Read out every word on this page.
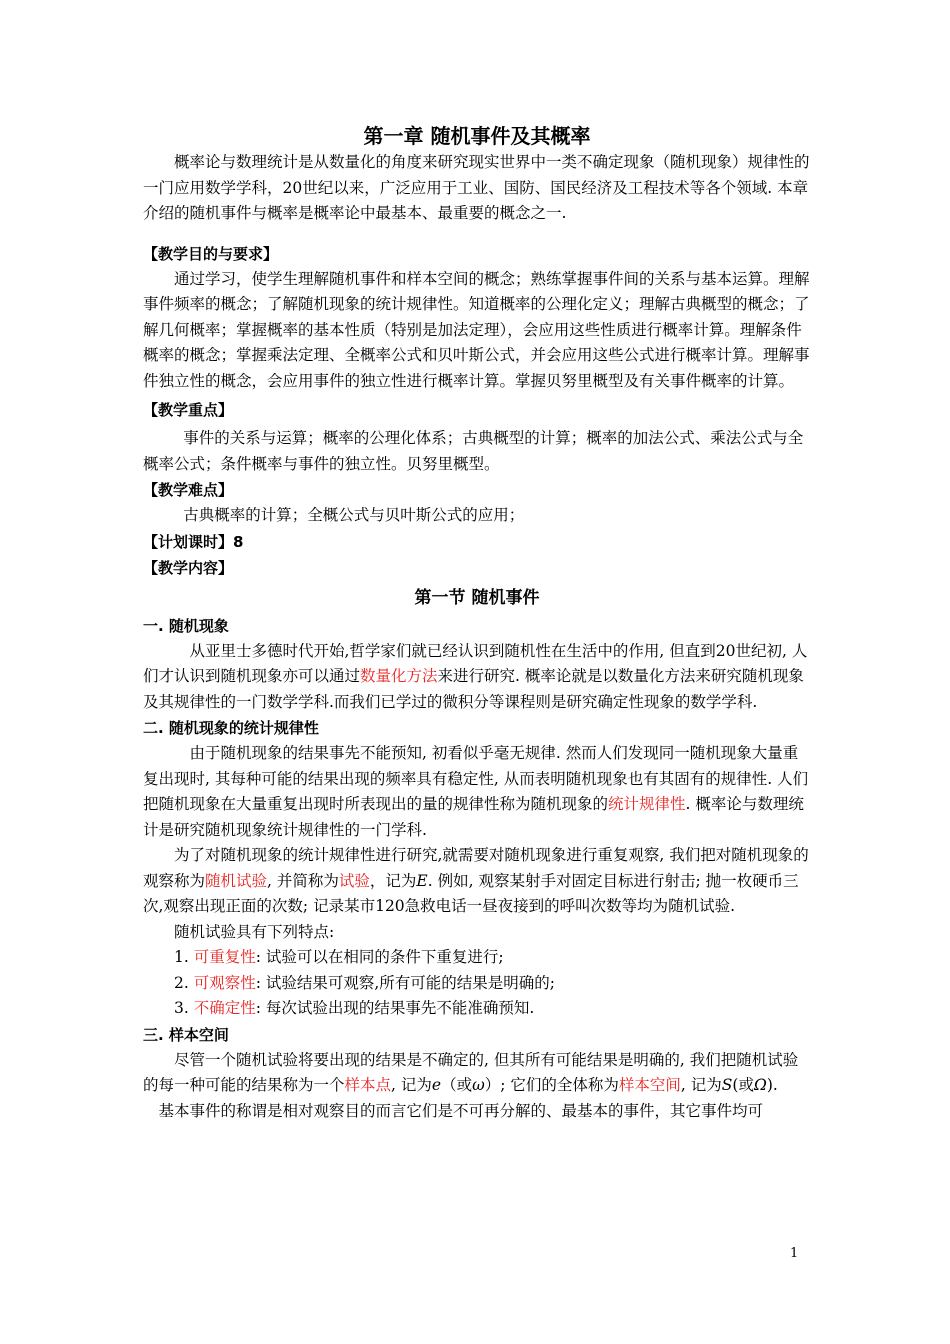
第一章 随机事件及其概率

概率论与数理统计是从数量化的角度来研究现实世界中一类不确定现象（随机现象）规律性的一门应用数学学科，20世纪以来，广泛应用于工业、国防、国民经济及工程技术等各个领域. 本章介绍的随机事件与概率是概率论中最基本、最重要的概念之一.

【教学目的与要求】

通过学习，使学生理解随机事件和样本空间的概念；熟练掌握事件间的关系与基本运算。理解事件频率的概念；了解随机现象的统计规律性。知道概率的公理化定义；理解古典概型的概念；了解几何概率；掌握概率的基本性质（特别是加法定理），会应用这些性质进行概率计算。理解条件概率的概念；掌握乘法定理、全概率公式和贝叶斯公式，并会应用这些公式进行概率计算。理解事件独立性的概念，会应用事件的独立性进行概率计算。掌握贝努里概型及有关事件概率的计算。

【教学重点】

事件的关系与运算；概率的公理化体系；古典概型的计算；概率的加法公式、乘法公式与全概率公式；条件概率与事件的独立性。贝努里概型。

【教学难点】

古典概率的计算；全概公式与贝叶斯公式的应用；

【计划课时】8

【教学内容】

第一节 随机事件

一. 随机现象

从亚里士多德时代开始,哲学家们就已经认识到随机性在生活中的作用, 但直到20世纪初, 人们才认识到随机现象亦可以通过数量化方法来进行研究. 概率论就是以数量化方法来研究随机现象及其规律性的一门数学学科.而我们已学过的微积分等课程则是研究确定性现象的数学学科.

二. 随机现象的统计规律性

由于随机现象的结果事先不能预知, 初看似乎毫无规律. 然而人们发现同一随机现象大量重复出现时, 其每种可能的结果出现的频率具有稳定性, 从而表明随机现象也有其固有的规律性. 人们把随机现象在大量重复出现时所表现出的量的规律性称为随机现象的统计规律性. 概率论与数理统计是研究随机现象统计规律性的一门学科.

为了对随机现象的统计规律性进行研究,就需要对随机现象进行重复观察, 我们把对随机现象的观察称为随机试验, 并简称为试验，记为E. 例如, 观察某射手对固定目标进行射击; 抛一枚硬币三次,观察出现正面的次数; 记录某市120急救电话一昼夜接到的呼叫次数等均为随机试验.

随机试验具有下列特点:

1. 可重复性: 试验可以在相同的条件下重复进行;

2. 可观察性: 试验结果可观察,所有可能的结果是明确的;

3. 不确定性: 每次试验出现的结果事先不能准确预知.

三. 样本空间

尽管一个随机试验将要出现的结果是不确定的, 但其所有可能结果是明确的, 我们把随机试验的每一种可能的结果称为一个样本点, 记为e（或ω）; 它们的全体称为样本空间, 记为S(或Ω).

基本事件的称谓是相对观察目的而言它们是不可再分解的、最基本的事件，其它事件均可

1
